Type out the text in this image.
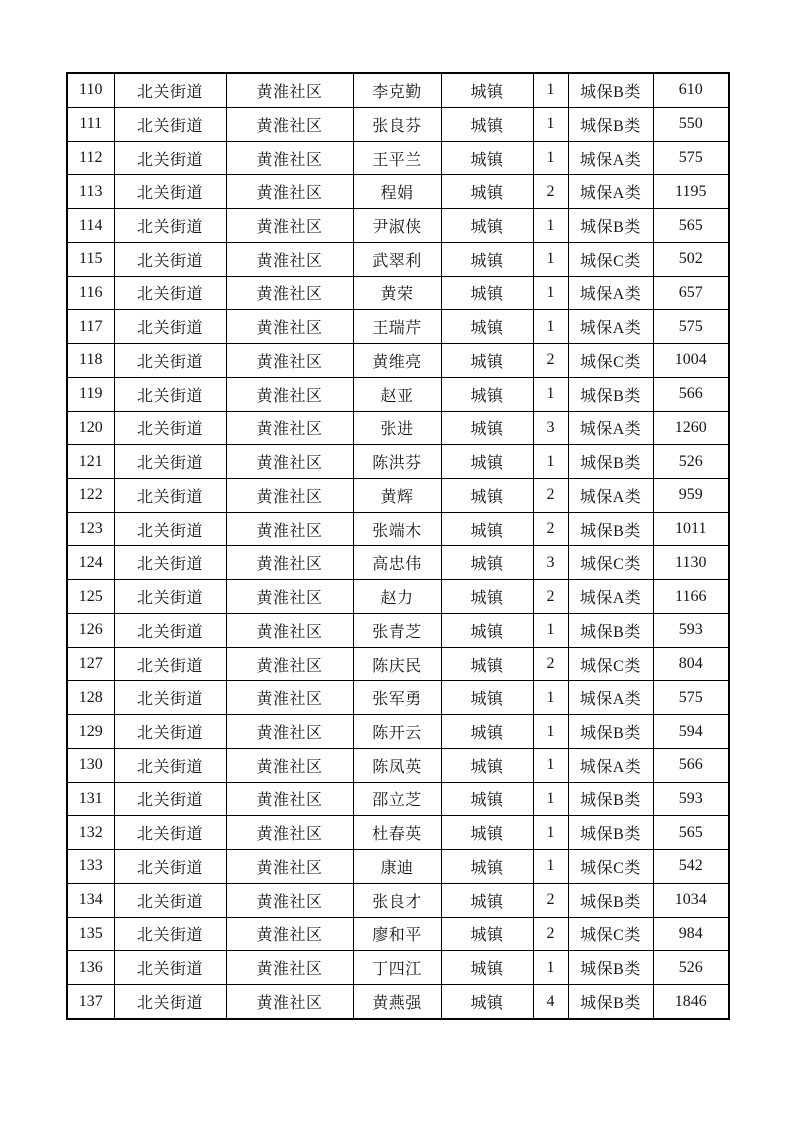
110	北关街道	黄淮社区	李克勤	城镇	1	城保B类	610
111	北关街道	黄淮社区	张良芬	城镇	1	城保B类	550
112	北关街道	黄淮社区	王平兰	城镇	1	城保A类	575
113	北关街道	黄淮社区	程娟	城镇	2	城保A类	1195
114	北关街道	黄淮社区	尹淑侠	城镇	1	城保B类	565
115	北关街道	黄淮社区	武翠利	城镇	1	城保C类	502
116	北关街道	黄淮社区	黄荣	城镇	1	城保A类	657
117	北关街道	黄淮社区	王瑞芹	城镇	1	城保A类	575
118	北关街道	黄淮社区	黄维亮	城镇	2	城保C类	1004
119	北关街道	黄淮社区	赵亚	城镇	1	城保B类	566
120	北关街道	黄淮社区	张进	城镇	3	城保A类	1260
121	北关街道	黄淮社区	陈洪芬	城镇	1	城保B类	526
122	北关街道	黄淮社区	黄辉	城镇	2	城保A类	959
123	北关街道	黄淮社区	张端木	城镇	2	城保B类	1011
124	北关街道	黄淮社区	高忠伟	城镇	3	城保C类	1130
125	北关街道	黄淮社区	赵力	城镇	2	城保A类	1166
126	北关街道	黄淮社区	张青芝	城镇	1	城保B类	593
127	北关街道	黄淮社区	陈庆民	城镇	2	城保C类	804
128	北关街道	黄淮社区	张军勇	城镇	1	城保A类	575
129	北关街道	黄淮社区	陈开云	城镇	1	城保B类	594
130	北关街道	黄淮社区	陈凤英	城镇	1	城保A类	566
131	北关街道	黄淮社区	邵立芝	城镇	1	城保B类	593
132	北关街道	黄淮社区	杜春英	城镇	1	城保B类	565
133	北关街道	黄淮社区	康迪	城镇	1	城保C类	542
134	北关街道	黄淮社区	张良才	城镇	2	城保B类	1034
135	北关街道	黄淮社区	廖和平	城镇	2	城保C类	984
136	北关街道	黄淮社区	丁四江	城镇	1	城保B类	526
137	北关街道	黄淮社区	黄燕强	城镇	4	城保B类	1846
